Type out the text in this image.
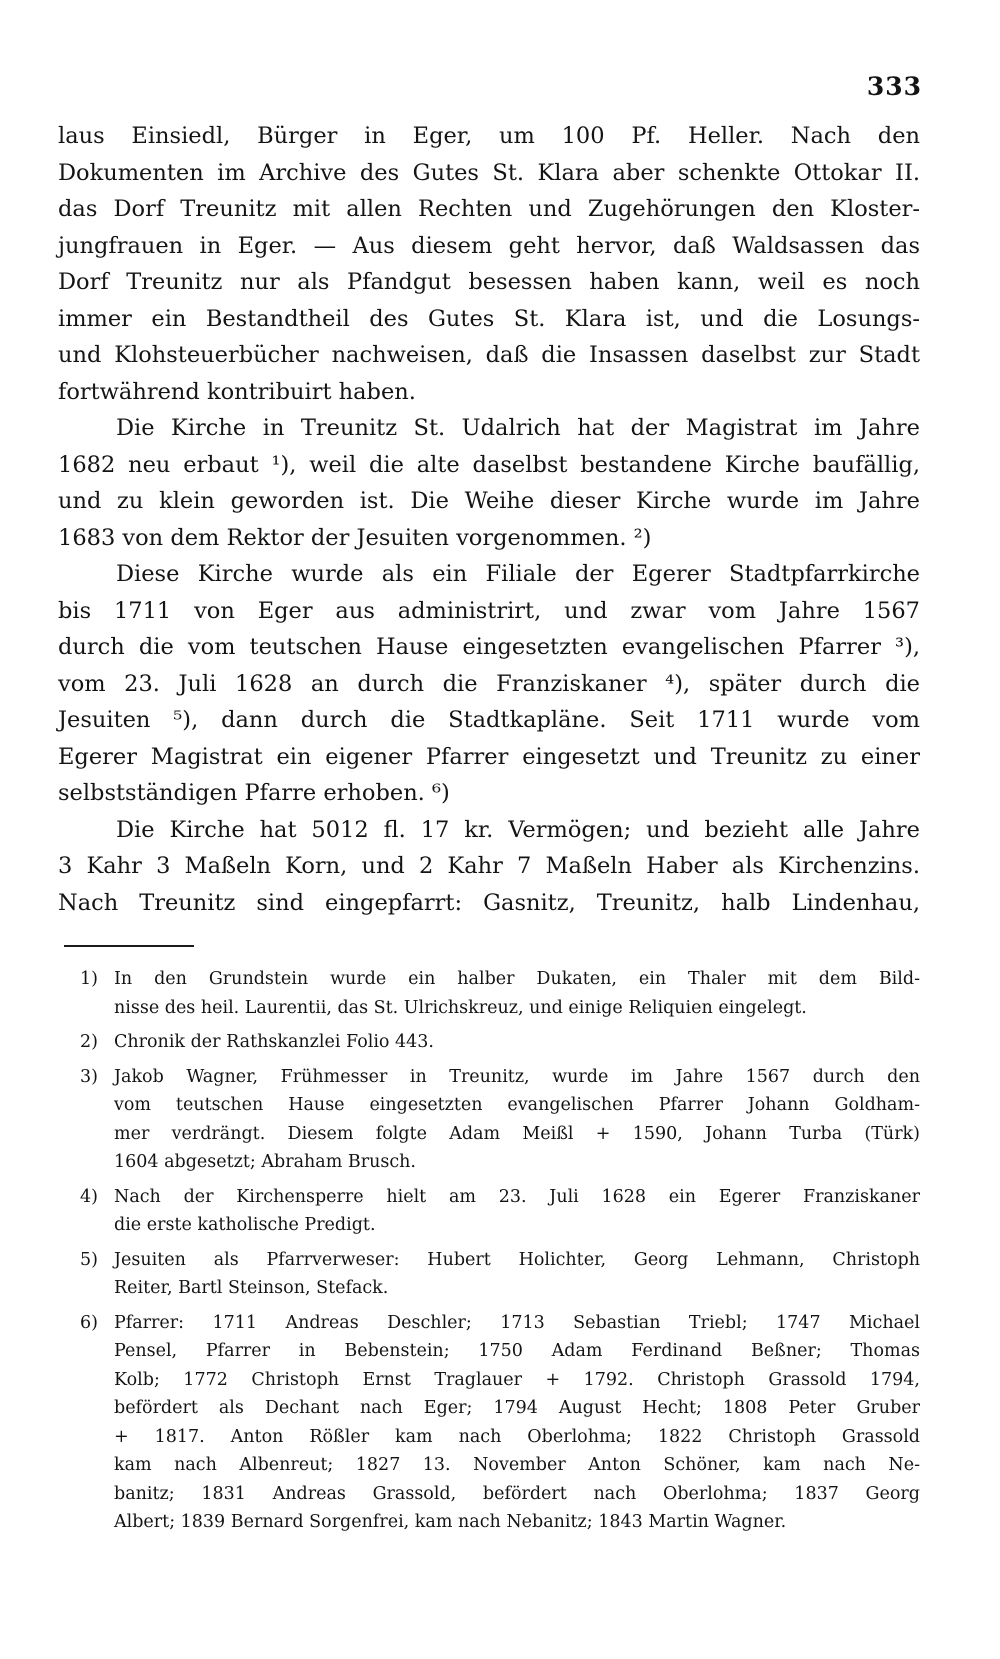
333
laus Einsiedl, Bürger in Eger, um 100 Pf. Heller. Nach den
Dokumenten im Archive des Gutes St. Klara aber schenkte Ottokar II.
das Dorf Treunitz mit allen Rechten und Zugehörungen den Kloster-
jungfrauen in Eger. — Aus diesem geht hervor, daß Waldsassen das
Dorf Treunitz nur als Pfandgut besessen haben kann, weil es noch
immer ein Bestandtheil des Gutes St. Klara ist, und die Losungs-
und Klohsteuerbücher nachweisen, daß die Insassen daselbst zur Stadt
fortwährend kontribuirt haben.
Die Kirche in Treunitz St. Udalrich hat der Magistrat im Jahre
1682 neu erbaut ¹), weil die alte daselbst bestandene Kirche baufällig,
und zu klein geworden ist. Die Weihe dieser Kirche wurde im Jahre
1683 von dem Rektor der Jesuiten vorgenommen. ²)
Diese Kirche wurde als ein Filiale der Egerer Stadtpfarrkirche
bis 1711 von Eger aus administrirt, und zwar vom Jahre 1567
durch die vom teutschen Hause eingesetzten evangelischen Pfarrer ³),
vom 23. Juli 1628 an durch die Franziskaner ⁴), später durch die
Jesuiten ⁵), dann durch die Stadtkapläne. Seit 1711 wurde vom
Egerer Magistrat ein eigener Pfarrer eingesetzt und Treunitz zu einer
selbstständigen Pfarre erhoben. ⁶)
Die Kirche hat 5012 fl. 17 kr. Vermögen; und bezieht alle Jahre
3 Kahr 3 Maßeln Korn, und 2 Kahr 7 Maßeln Haber als Kirchenzins.
Nach Treunitz sind eingepfarrt: Gasnitz, Treunitz, halb Lindenhau,
1) In den Grundstein wurde ein halber Dukaten, ein Thaler mit dem Bild-
nisse des heil. Laurentii, das St. Ulrichskreuz, und einige Reliquien eingelegt.
2) Chronik der Rathskanzlei Folio 443.
3) Jakob Wagner, Frühmesser in Treunitz, wurde im Jahre 1567 durch den
vom teutschen Hause eingesetzten evangelischen Pfarrer Johann Goldham-
mer verdrängt. Diesem folgte Adam Meißl + 1590, Johann Turba (Türk)
1604 abgesetzt; Abraham Brusch.
4) Nach der Kirchensperre hielt am 23. Juli 1628 ein Egerer Franziskaner
die erste katholische Predigt.
5) Jesuiten als Pfarrverweser: Hubert Holichter, Georg Lehmann, Christoph
Reiter, Bartl Steinson, Stefack.
6) Pfarrer: 1711 Andreas Deschler; 1713 Sebastian Triebl; 1747 Michael
Pensel, Pfarrer in Bebenstein; 1750 Adam Ferdinand Beßner; Thomas
Kolb; 1772 Christoph Ernst Traglauer + 1792. Christoph Grassold 1794,
befördert als Dechant nach Eger; 1794 August Hecht; 1808 Peter Gruber
+ 1817. Anton Rößler kam nach Oberlohma; 1822 Christoph Grassold
kam nach Albenreut; 1827 13. November Anton Schöner, kam nach Ne-
banitz; 1831 Andreas Grassold, befördert nach Oberlohma; 1837 Georg
Albert; 1839 Bernard Sorgenfrei, kam nach Nebanitz; 1843 Martin Wagner.
